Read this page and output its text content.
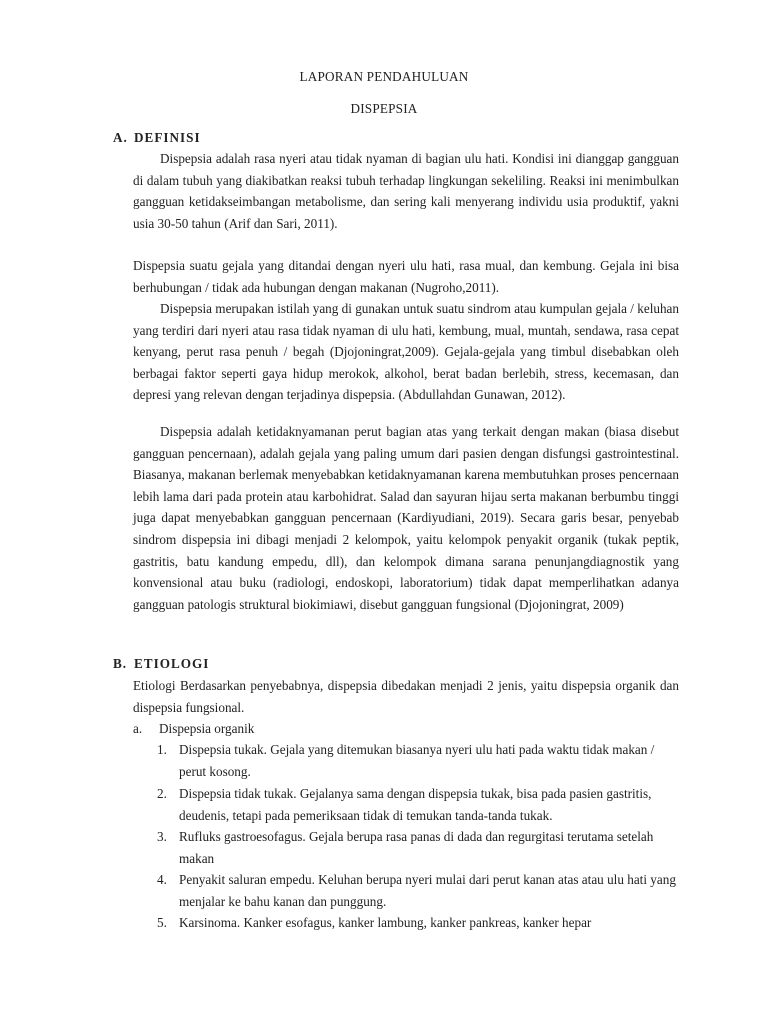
LAPORAN PENDAHULUAN
DISPEPSIA
A. DEFINISI

Dispepsia adalah rasa nyeri atau tidak nyaman di bagian ulu hati. Kondisi ini dianggap gangguan di dalam tubuh yang diakibatkan reaksi tubuh terhadap lingkungan sekeliling. Reaksi ini menimbulkan gangguan ketidakseimbangan metabolisme, dan sering kali menyerang individu usia produktif, yakni usia 30-50 tahun (Arif dan Sari, 2011).

Dispepsia suatu gejala yang ditandai dengan nyeri ulu hati, rasa mual, dan kembung. Gejala ini bisa berhubungan / tidak ada hubungan dengan makanan (Nugroho,2011).

Dispepsia merupakan istilah yang di gunakan untuk suatu sindrom atau kumpulan gejala / keluhan yang terdiri dari nyeri atau rasa tidak nyaman di ulu hati, kembung, mual, muntah, sendawa, rasa cepat kenyang, perut rasa penuh / begah (Djojoningrat,2009). Gejala-gejala yang timbul disebabkan oleh berbagai faktor seperti gaya hidup merokok, alkohol, berat badan berlebih, stress, kecemasan, dan depresi yang relevan dengan terjadinya dispepsia. (Abdullahdan Gunawan, 2012).

Dispepsia adalah ketidaknyamanan perut bagian atas yang terkait dengan makan (biasa disebut gangguan pencernaan), adalah gejala yang paling umum dari pasien dengan disfungsi gastrointestinal. Biasanya, makanan berlemak menyebabkan ketidaknyamanan karena membutuhkan proses pencernaan lebih lama dari pada protein atau karbohidrat. Salad dan sayuran hijau serta makanan berbumbu tinggi juga dapat menyebabkan gangguan pencernaan (Kardiyudiani, 2019). Secara garis besar, penyebab sindrom dispepsia ini dibagi menjadi 2 kelompok, yaitu kelompok penyakit organik (tukak peptik, gastritis, batu kandung empedu, dll), dan kelompok dimana sarana penunjangdiagnostik yang konvensional atau buku (radiologi, endoskopi, laboratorium) tidak dapat memperlihatkan adanya gangguan patologis struktural biokimiawi, disebut gangguan fungsional (Djojoningrat, 2009)

B. ETIOLOGI

Etiologi Berdasarkan penyebabnya, dispepsia dibedakan menjadi 2 jenis, yaitu dispepsia organik dan dispepsia fungsional.

a. Dispepsia organik
1. Dispepsia tukak. Gejala yang ditemukan biasanya nyeri ulu hati pada waktu tidak makan / perut kosong.
2. Dispepsia tidak tukak. Gejalanya sama dengan dispepsia tukak, bisa pada pasien gastritis, deudenis, tetapi pada pemeriksaan tidak di temukan tanda-tanda tukak.
3. Rufluks gastroesofagus. Gejala berupa rasa panas di dada dan regurgitasi terutama setelah makan
4. Penyakit saluran empedu. Keluhan berupa nyeri mulai dari perut kanan atas atau ulu hati yang menjalar ke bahu kanan dan punggung.
5. Karsinoma. Kanker esofagus, kanker lambung, kanker pankreas, kanker hepar
